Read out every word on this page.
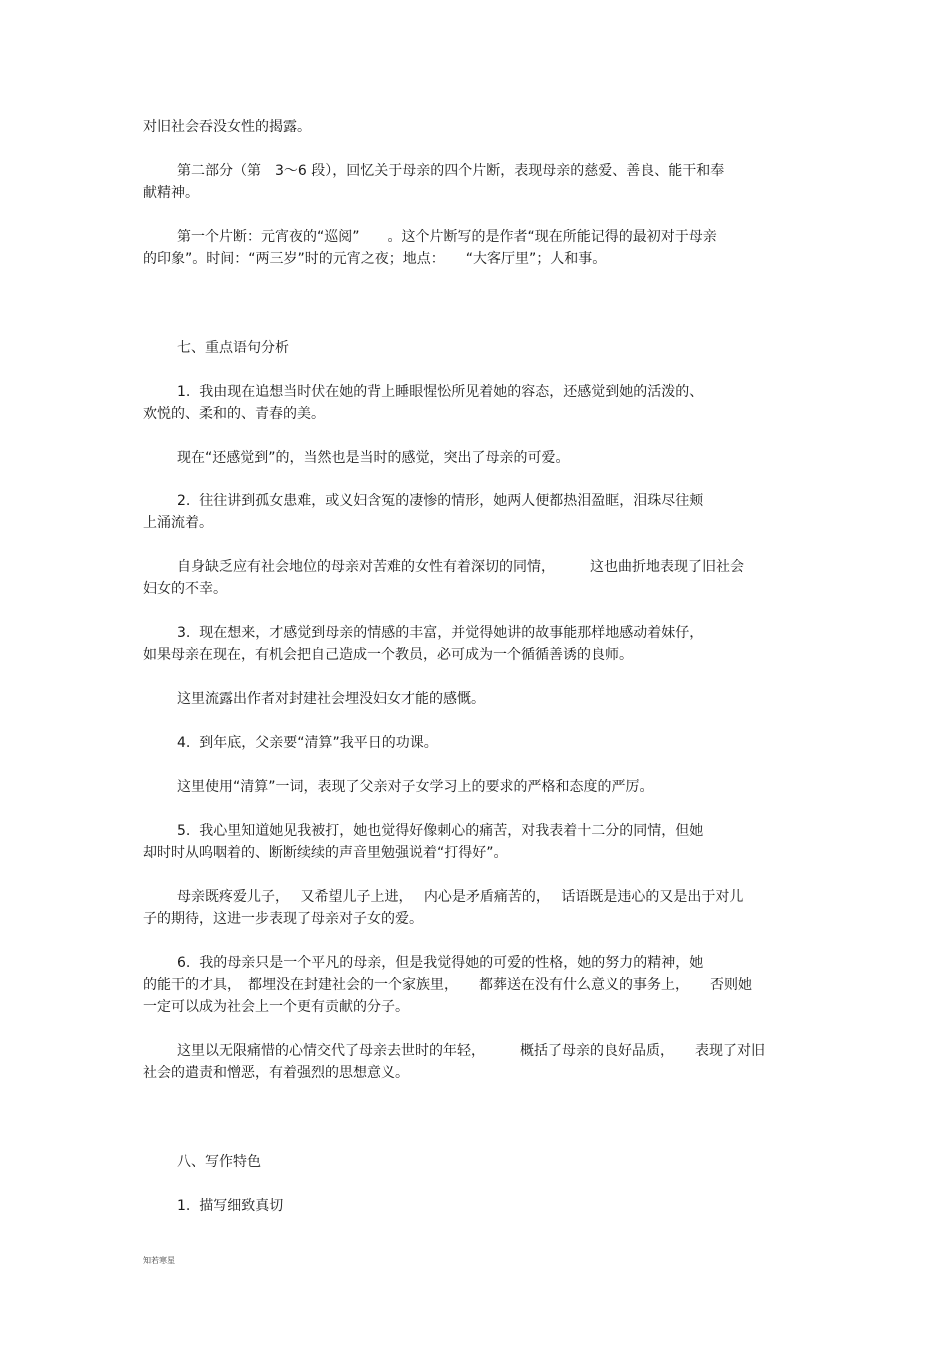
对旧社会吞没女性的揭露。
第二部分（第　3～6 段），回忆关于母亲的四个片断，表现母亲的慈爱、善良、能干和奉
献精神。
第一个片断：元宵夜的“巡阅”　　。这个片断写的是作者“现在所能记得的最初对于母亲
的印象”。时间：“两三岁”时的元宵之夜；地点：　　“大客厅里”；人和事。
七、重点语句分析
1.  我由现在追想当时伏在她的背上睡眼惺忪所见着她的容态，还感觉到她的活泼的、
欢悦的、柔和的、青春的美。
现在“还感觉到”的，当然也是当时的感觉，突出了母亲的可爱。
2.  往往讲到孤女患难，或义妇含冤的凄惨的情形，她两人便都热泪盈眶，泪珠尽往颊
上涌流着。
自身缺乏应有社会地位的母亲对苦难的女性有着深切的同情，　　　这也曲折地表现了旧社会
妇女的不幸。
3.  现在想来，才感觉到母亲的情感的丰富，并觉得她讲的故事能那样地感动着妹仔，
如果母亲在现在，有机会把自己造成一个教员，必可成为一个循循善诱的良师。
这里流露出作者对封建社会埋没妇女才能的感慨。
4.  到年底，父亲要“清算”我平日的功课。
这里使用“清算”一词，表现了父亲对子女学习上的要求的严格和态度的严厉。
5.  我心里知道她见我被打，她也觉得好像刺心的痛苦，对我表着十二分的同情，但她
却时时从呜咽着的、断断续续的声音里勉强说着“打得好”。
母亲既疼爱儿子，　 又希望儿子上进，　 内心是矛盾痛苦的，　 话语既是违心的又是出于对儿
子的期待，这进一步表现了母亲对子女的爱。
6.  我的母亲只是一个平凡的母亲，但是我觉得她的可爱的性格，她的努力的精神，她
的能干的才具，　都埋没在封建社会的一个家族里，　　都葬送在没有什么意义的事务上，　　否则她
一定可以成为社会上一个更有贡献的分子。
这里以无限痛惜的心情交代了母亲去世时的年轻，　　　概括了母亲的良好品质，　　表现了对旧
社会的遣责和憎恶，有着强烈的思想意义。
八、写作特色
1.  描写细致真切
知若寒星
